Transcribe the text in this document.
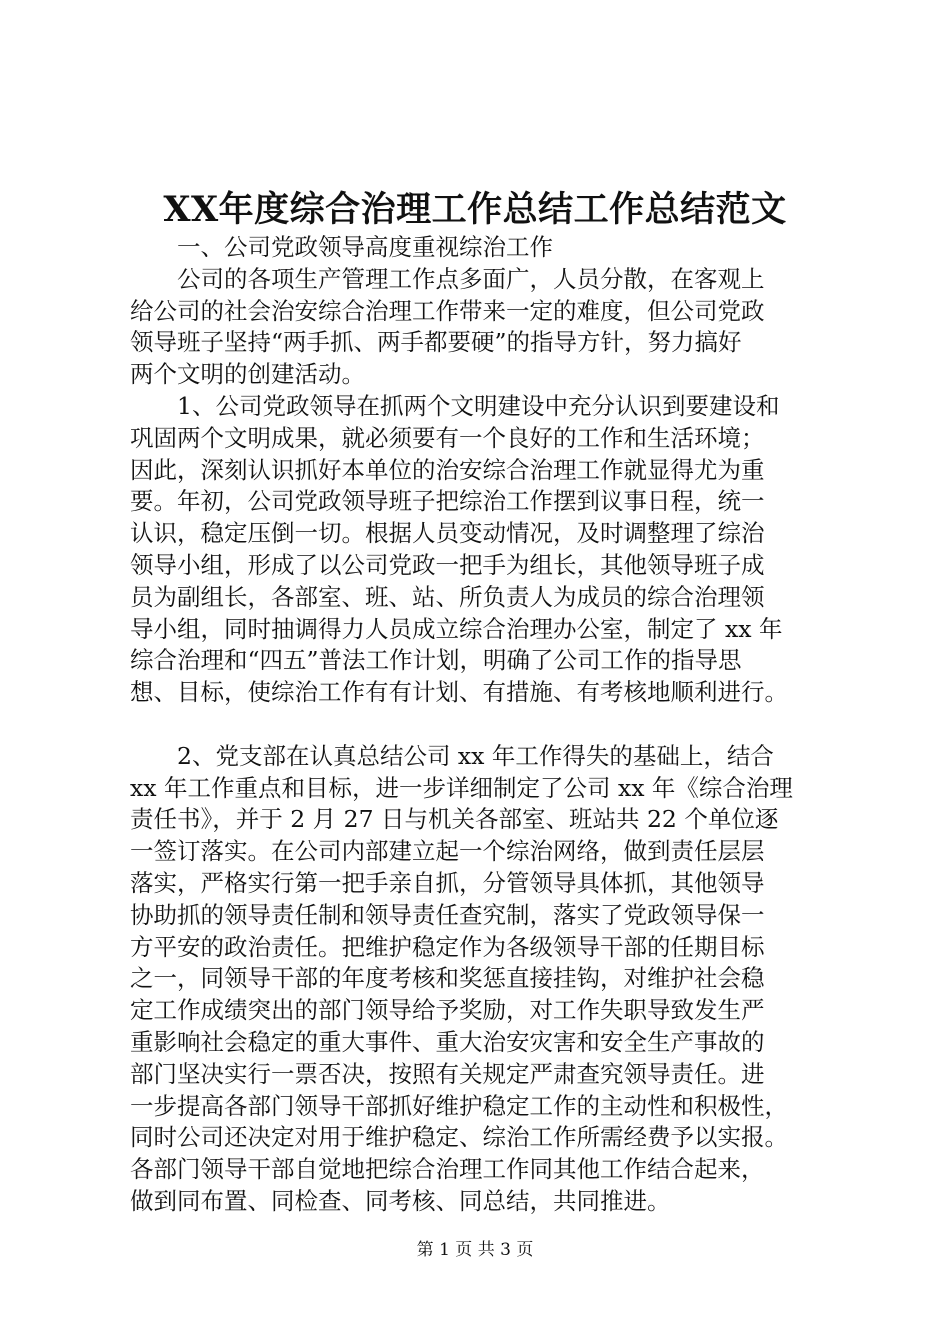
XX年度综合治理工作总结工作总结范文
一、公司党政领导高度重视综治工作
公司的各项生产管理工作点多面广，人员分散，在客观上
给公司的社会治安综合治理工作带来一定的难度，但公司党政
领导班子坚持“两手抓、两手都要硬”的指导方针，努力搞好
两个文明的创建活动。
1、公司党政领导在抓两个文明建设中充分认识到要建设和
巩固两个文明成果，就必须要有一个良好的工作和生活环境；
因此，深刻认识抓好本单位的治安综合治理工作就显得尤为重
要。年初，公司党政领导班子把综治工作摆到议事日程，统一
认识，稳定压倒一切。根据人员变动情况，及时调整理了综治
领导小组，形成了以公司党政一把手为组长，其他领导班子成
员为副组长，各部室、班、站、所负责人为成员的综合治理领
导小组，同时抽调得力人员成立综合治理办公室，制定了 xx 年
综合治理和“四五”普法工作计划，明确了公司工作的指导思
想、目标，使综治工作有有计划、有措施、有考核地顺利进行。
2、党支部在认真总结公司 xx 年工作得失的基础上，结合
xx 年工作重点和目标，进一步详细制定了公司 xx 年《综合治理
责任书》，并于 2 月 27 日与机关各部室、班站共 22 个单位逐
一签订落实。在公司内部建立起一个综治网络，做到责任层层
落实，严格实行第一把手亲自抓，分管领导具体抓，其他领导
协助抓的领导责任制和领导责任查究制，落实了党政领导保一
方平安的政治责任。把维护稳定作为各级领导干部的任期目标
之一，同领导干部的年度考核和奖惩直接挂钩，对维护社会稳
定工作成绩突出的部门领导给予奖励，对工作失职导致发生严
重影响社会稳定的重大事件、重大治安灾害和安全生产事故的
部门坚决实行一票否决，按照有关规定严肃查究领导责任。进
一步提高各部门领导干部抓好维护稳定工作的主动性和积极性，
同时公司还决定对用于维护稳定、综治工作所需经费予以实报。
各部门领导干部自觉地把综合治理工作同其他工作结合起来，
做到同布置、同检查、同考核、同总结，共同推进。
第 1 页 共 3 页
